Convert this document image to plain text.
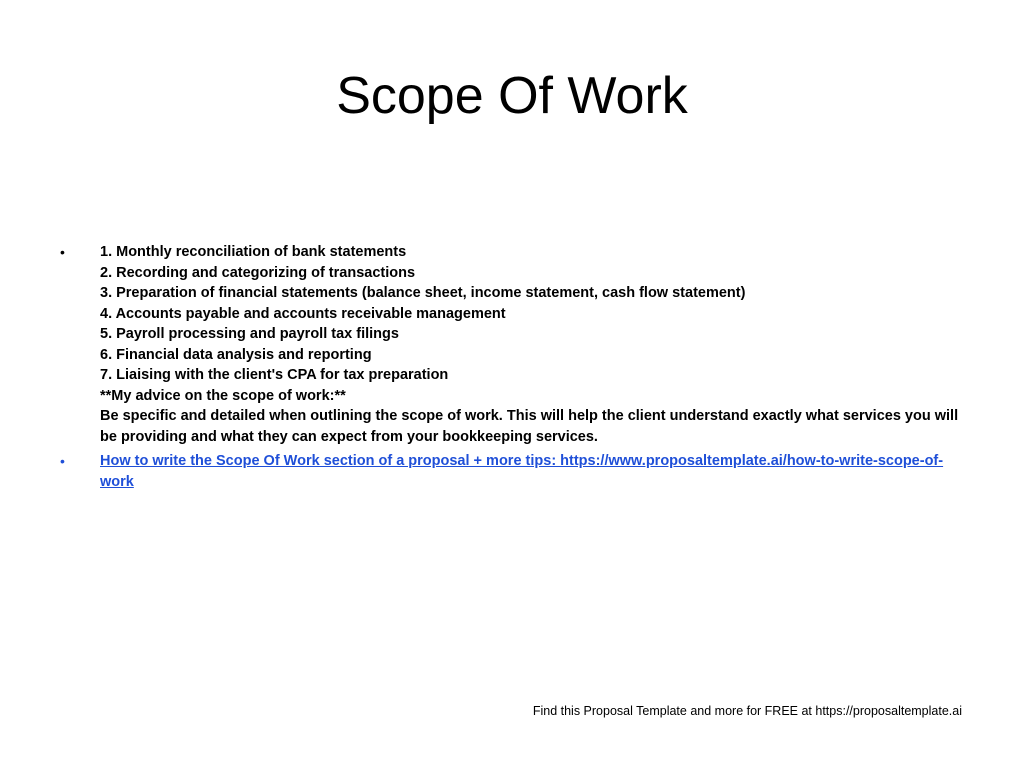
Scope Of Work
• 1. Monthly reconciliation of bank statements
2. Recording and categorizing of transactions
3. Preparation of financial statements (balance sheet, income statement, cash flow statement)
4. Accounts payable and accounts receivable management
5. Payroll processing and payroll tax filings
6. Financial data analysis and reporting
7. Liaising with the client's CPA for tax preparation
**My advice on the scope of work:**
Be specific and detailed when outlining the scope of work. This will help the client understand exactly what services you will be providing and what they can expect from your bookkeeping services.
• How to write the Scope Of Work section of a proposal + more tips: https://www.proposaltemplate.ai/how-to-write-scope-of-work
Find this Proposal Template and more for FREE at https://proposaltemplate.ai
